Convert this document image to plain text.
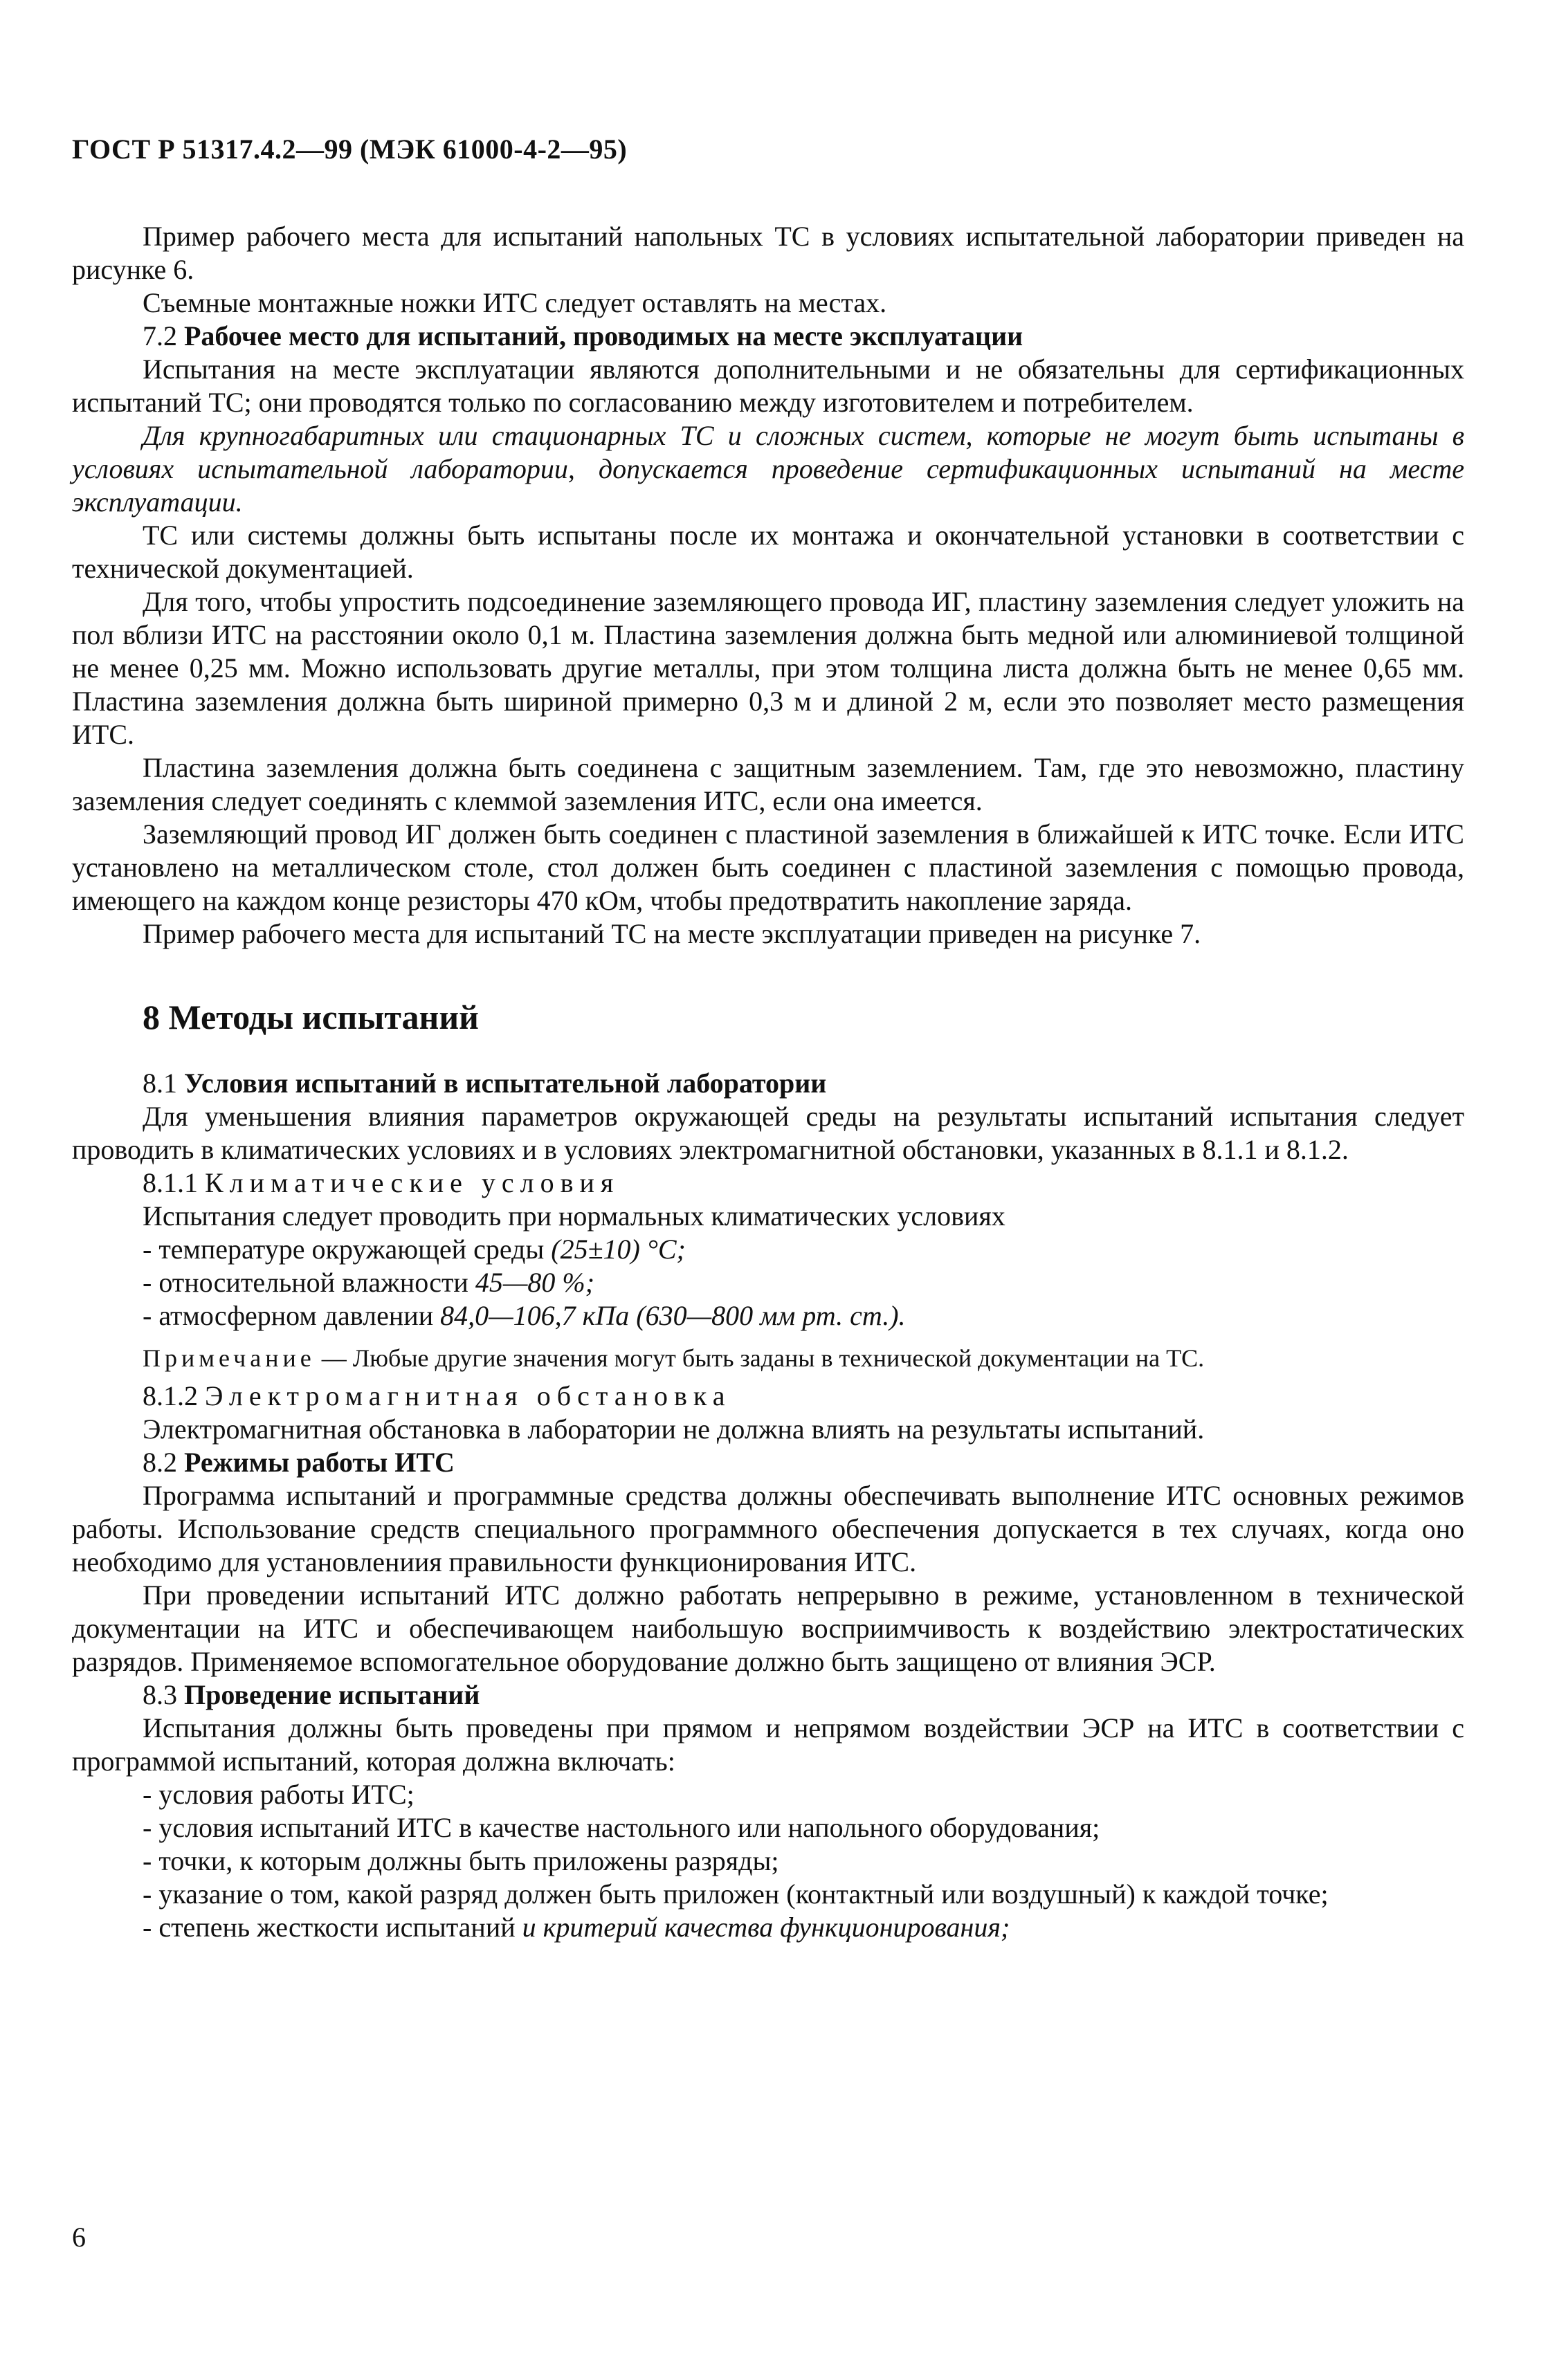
ГОСТ Р 51317.4.2—99 (МЭК 61000-4-2—95)

Пример рабочего места для испытаний напольных ТС в условиях испытательной лаборатории приведен на рисунке 6.

Съемные монтажные ножки ИТС следует оставлять на местах.

7.2 Рабочее место для испытаний, проводимых на месте эксплуатации

Испытания на месте эксплуатации являются дополнительными и не обязательны для сертификационных испытаний ТС; они проводятся только по согласованию между изготовителем и потребителем.

Для крупногабаритных или стационарных ТС и сложных систем, которые не могут быть испытаны в условиях испытательной лаборатории, допускается проведение сертификационных испытаний на месте эксплуатации.

ТС или системы должны быть испытаны после их монтажа и окончательной установки в соответствии с технической документацией.

Для того, чтобы упростить подсоединение заземляющего провода ИГ, пластину заземления следует уложить на пол вблизи ИТС на расстоянии около 0,1 м. Пластина заземления должна быть медной или алюминиевой толщиной не менее 0,25 мм. Можно использовать другие металлы, при этом толщина листа должна быть не менее 0,65 мм. Пластина заземления должна быть шириной примерно 0,3 м и длиной 2 м, если это позволяет место размещения ИТС.

Пластина заземления должна быть соединена с защитным заземлением. Там, где это невозможно, пластину заземления следует соединять с клеммой заземления ИТС, если она имеется.

Заземляющий провод ИГ должен быть соединен с пластиной заземления в ближайшей к ИТС точке. Если ИТС установлено на металлическом столе, стол должен быть соединен с пластиной заземления с помощью провода, имеющего на каждом конце резисторы 470 кОм, чтобы предотвратить накопление заряда.

Пример рабочего места для испытаний ТС на месте эксплуатации приведен на рисунке 7.

8 Методы испытаний

8.1 Условия испытаний в испытательной лаборатории

Для уменьшения влияния параметров окружающей среды на результаты испытаний испытания следует проводить в климатических условиях и в условиях электромагнитной обстановки, указанных в 8.1.1 и 8.1.2.

8.1.1 Климатические условия

Испытания следует проводить при нормальных климатических условиях

- температуре окружающей среды (25±10) °С;

- относительной влажности 45—80 %;

- атмосферном давлении 84,0—106,7 кПа (630—800 мм рт. ст.).

Примечание — Любые другие значения могут быть заданы в технической документации на ТС.

8.1.2 Электромагнитная обстановка

Электромагнитная обстановка в лаборатории не должна влиять на результаты испытаний.

8.2 Режимы работы ИТС

Программа испытаний и программные средства должны обеспечивать выполнение ИТС основных режимов работы. Использование средств специального программного обеспечения допускается в тех случаях, когда оно необходимо для установлениия правильности функционирования ИТС.

При проведении испытаний ИТС должно работать непрерывно в режиме, установленном в технической документации на ИТС и обеспечивающем наибольшую восприимчивость к воздействию электростатических разрядов. Применяемое вспомогательное оборудование должно быть защищено от влияния ЭСР.

8.3 Проведение испытаний

Испытания должны быть проведены при прямом и непрямом воздействии ЭСР на ИТС в соответствии с программой испытаний, которая должна включать:

- условия работы ИТС;

- условия испытаний ИТС в качестве настольного или напольного оборудования;

- точки, к которым должны быть приложены разряды;

- указание о том, какой разряд должен быть приложен (контактный или воздушный) к каждой точке;

- степень жесткости испытаний и критерий качества функционирования;

6
